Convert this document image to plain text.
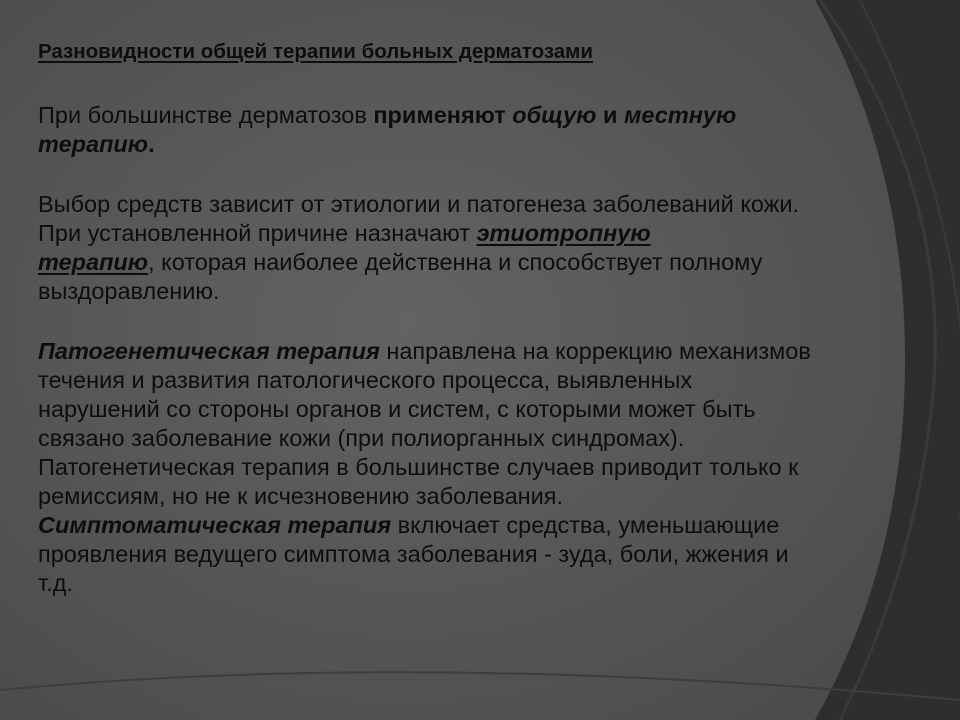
Разновидности общей терапии больных дерматозами

При большинстве дерматозов применяют общую и местную
терапию.

Выбор средств зависит от этиологии и патогенеза заболеваний кожи.
При установленной причине назначают этиотропную
терапию, которая наиболее действенна и способствует полному
выздоравлению.

Патогенетическая терапия направлена на коррекцию механизмов
течения и развития патологического процесса, выявленных
нарушений со стороны органов и систем, с которыми может быть
связано заболевание кожи (при полиорганных синдромах).
Патогенетическая терапия в большинстве случаев приводит только к
ремиссиям, но не к исчезновению заболевания.
Симптоматическая терапия включает средства, уменьшающие
проявления ведущего симптома заболевания - зуда, боли, жжения и
т.д.
